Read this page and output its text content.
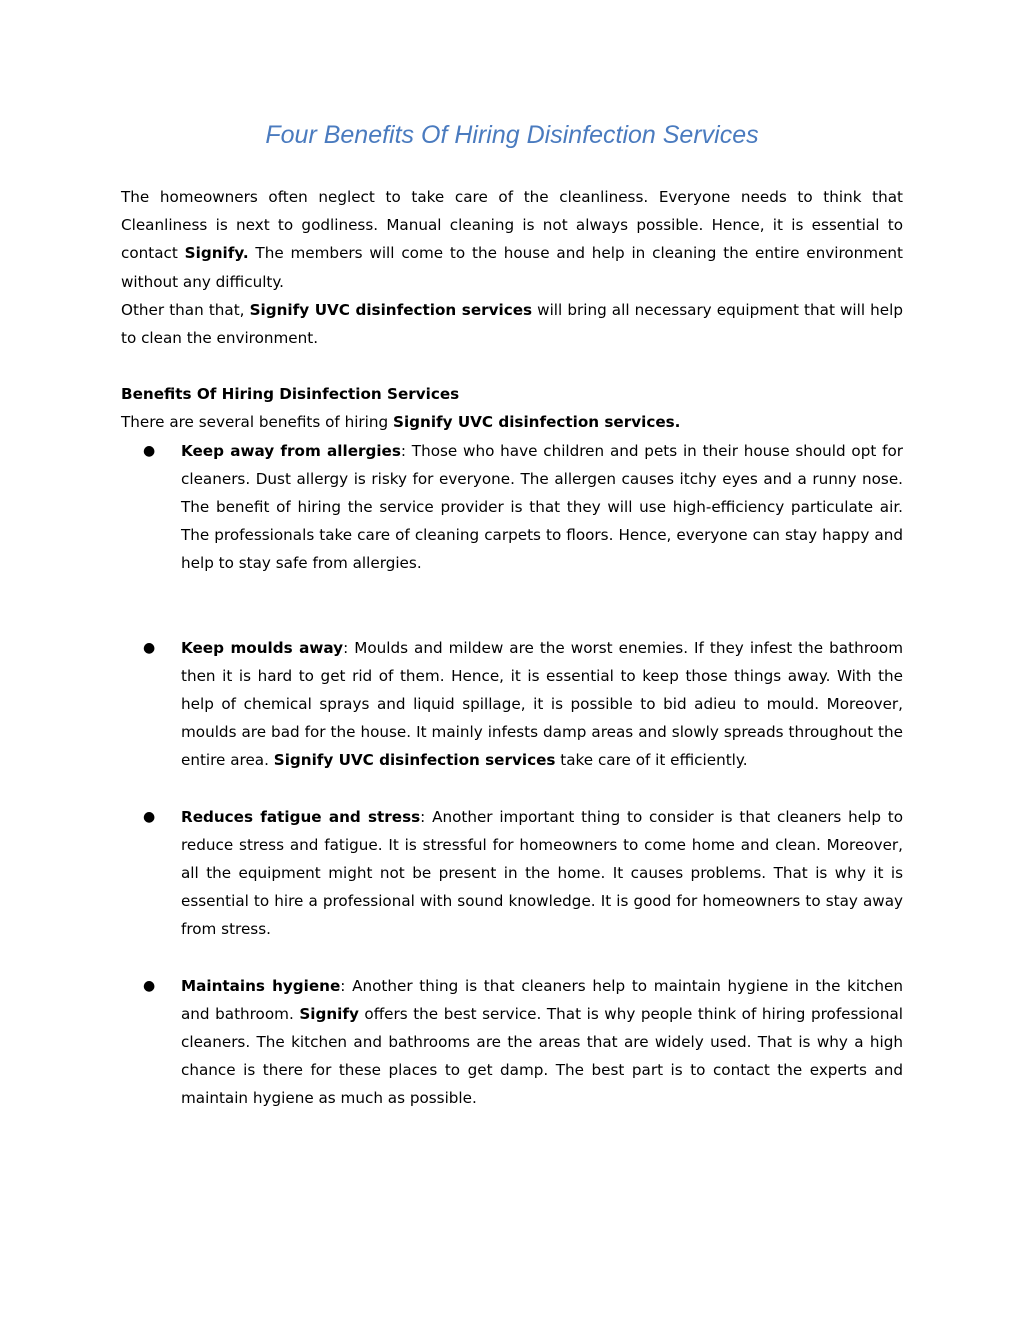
Four Benefits Of Hiring Disinfection Services

The homeowners often neglect to take care of the cleanliness. Everyone needs to think that Cleanliness is next to godliness. Manual cleaning is not always possible. Hence, it is essential to contact Signify. The members will come to the house and help in cleaning the entire environment without any difficulty.

Other than that, Signify UVC disinfection services will bring all necessary equipment that will help to clean the environment.

Benefits Of Hiring Disinfection Services

There are several benefits of hiring Signify UVC disinfection services.

● Keep away from allergies: Those who have children and pets in their house should opt for cleaners. Dust allergy is risky for everyone. The allergen causes itchy eyes and a runny nose. The benefit of hiring the service provider is that they will use high-efficiency particulate air. The professionals take care of cleaning carpets to floors. Hence, everyone can stay happy and help to stay safe from allergies.
● Keep moulds away: Moulds and mildew are the worst enemies. If they infest the bathroom then it is hard to get rid of them. Hence, it is essential to keep those things away. With the help of chemical sprays and liquid spillage, it is possible to bid adieu to mould. Moreover, moulds are bad for the house. It mainly infests damp areas and slowly spreads throughout the entire area. Signify UVC disinfection services take care of it efficiently.
● Reduces fatigue and stress: Another important thing to consider is that cleaners help to reduce stress and fatigue. It is stressful for homeowners to come home and clean. Moreover, all the equipment might not be present in the home. It causes problems. That is why it is essential to hire a professional with sound knowledge. It is good for homeowners to stay away from stress.
● Maintains hygiene: Another thing is that cleaners help to maintain hygiene in the kitchen and bathroom. Signify offers the best service. That is why people think of hiring professional cleaners. The kitchen and bathrooms are the areas that are widely used. That is why a high chance is there for these places to get damp. The best part is to contact the experts and maintain hygiene as much as possible.
